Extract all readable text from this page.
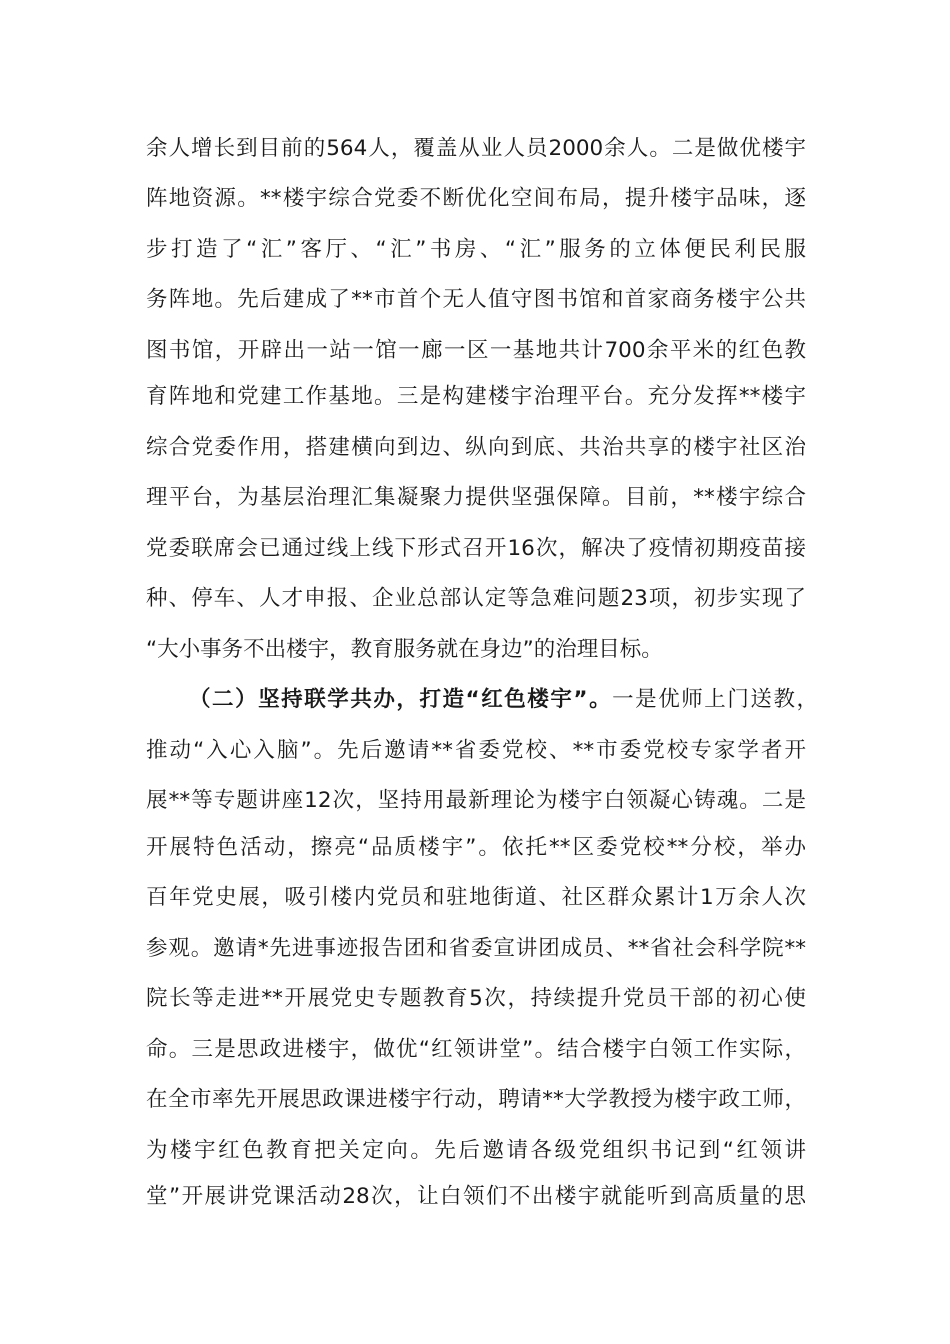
余人增长到目前的564人，覆盖从业人员2000余人。二是做优楼宇
阵地资源。**楼宇综合党委不断优化空间布局，提升楼宇品味，逐
步打造了“汇”客厅、“汇”书房、“汇”服务的立体便民利民服
务阵地。先后建成了**市首个无人值守图书馆和首家商务楼宇公共
图书馆，开辟出一站一馆一廊一区一基地共计700余平米的红色教
育阵地和党建工作基地。三是构建楼宇治理平台。充分发挥**楼宇
综合党委作用，搭建横向到边、纵向到底、共治共享的楼宇社区治
理平台，为基层治理汇集凝聚力提供坚强保障。目前，**楼宇综合
党委联席会已通过线上线下形式召开16次，解决了疫情初期疫苗接
种、停车、人才申报、企业总部认定等急难问题23项，初步实现了
“大小事务不出楼宇，教育服务就在身边”的治理目标。
（二）坚持联学共办，打造“红色楼宇”。一是优师上门送教，
推动“入心入脑”。先后邀请**省委党校、**市委党校专家学者开
展**等专题讲座12次，坚持用最新理论为楼宇白领凝心铸魂。二是
开展特色活动，擦亮“品质楼宇”。依托**区委党校**分校，举办
百年党史展，吸引楼内党员和驻地街道、社区群众累计1万余人次
参观。邀请*先进事迹报告团和省委宣讲团成员、**省社会科学院**
院长等走进**开展党史专题教育5次，持续提升党员干部的初心使
命。三是思政进楼宇，做优“红领讲堂”。结合楼宇白领工作实际，
在全市率先开展思政课进楼宇行动，聘请**大学教授为楼宇政工师，
为楼宇红色教育把关定向。先后邀请各级党组织书记到“红领讲
堂”开展讲党课活动28次，让白领们不出楼宇就能听到高质量的思
